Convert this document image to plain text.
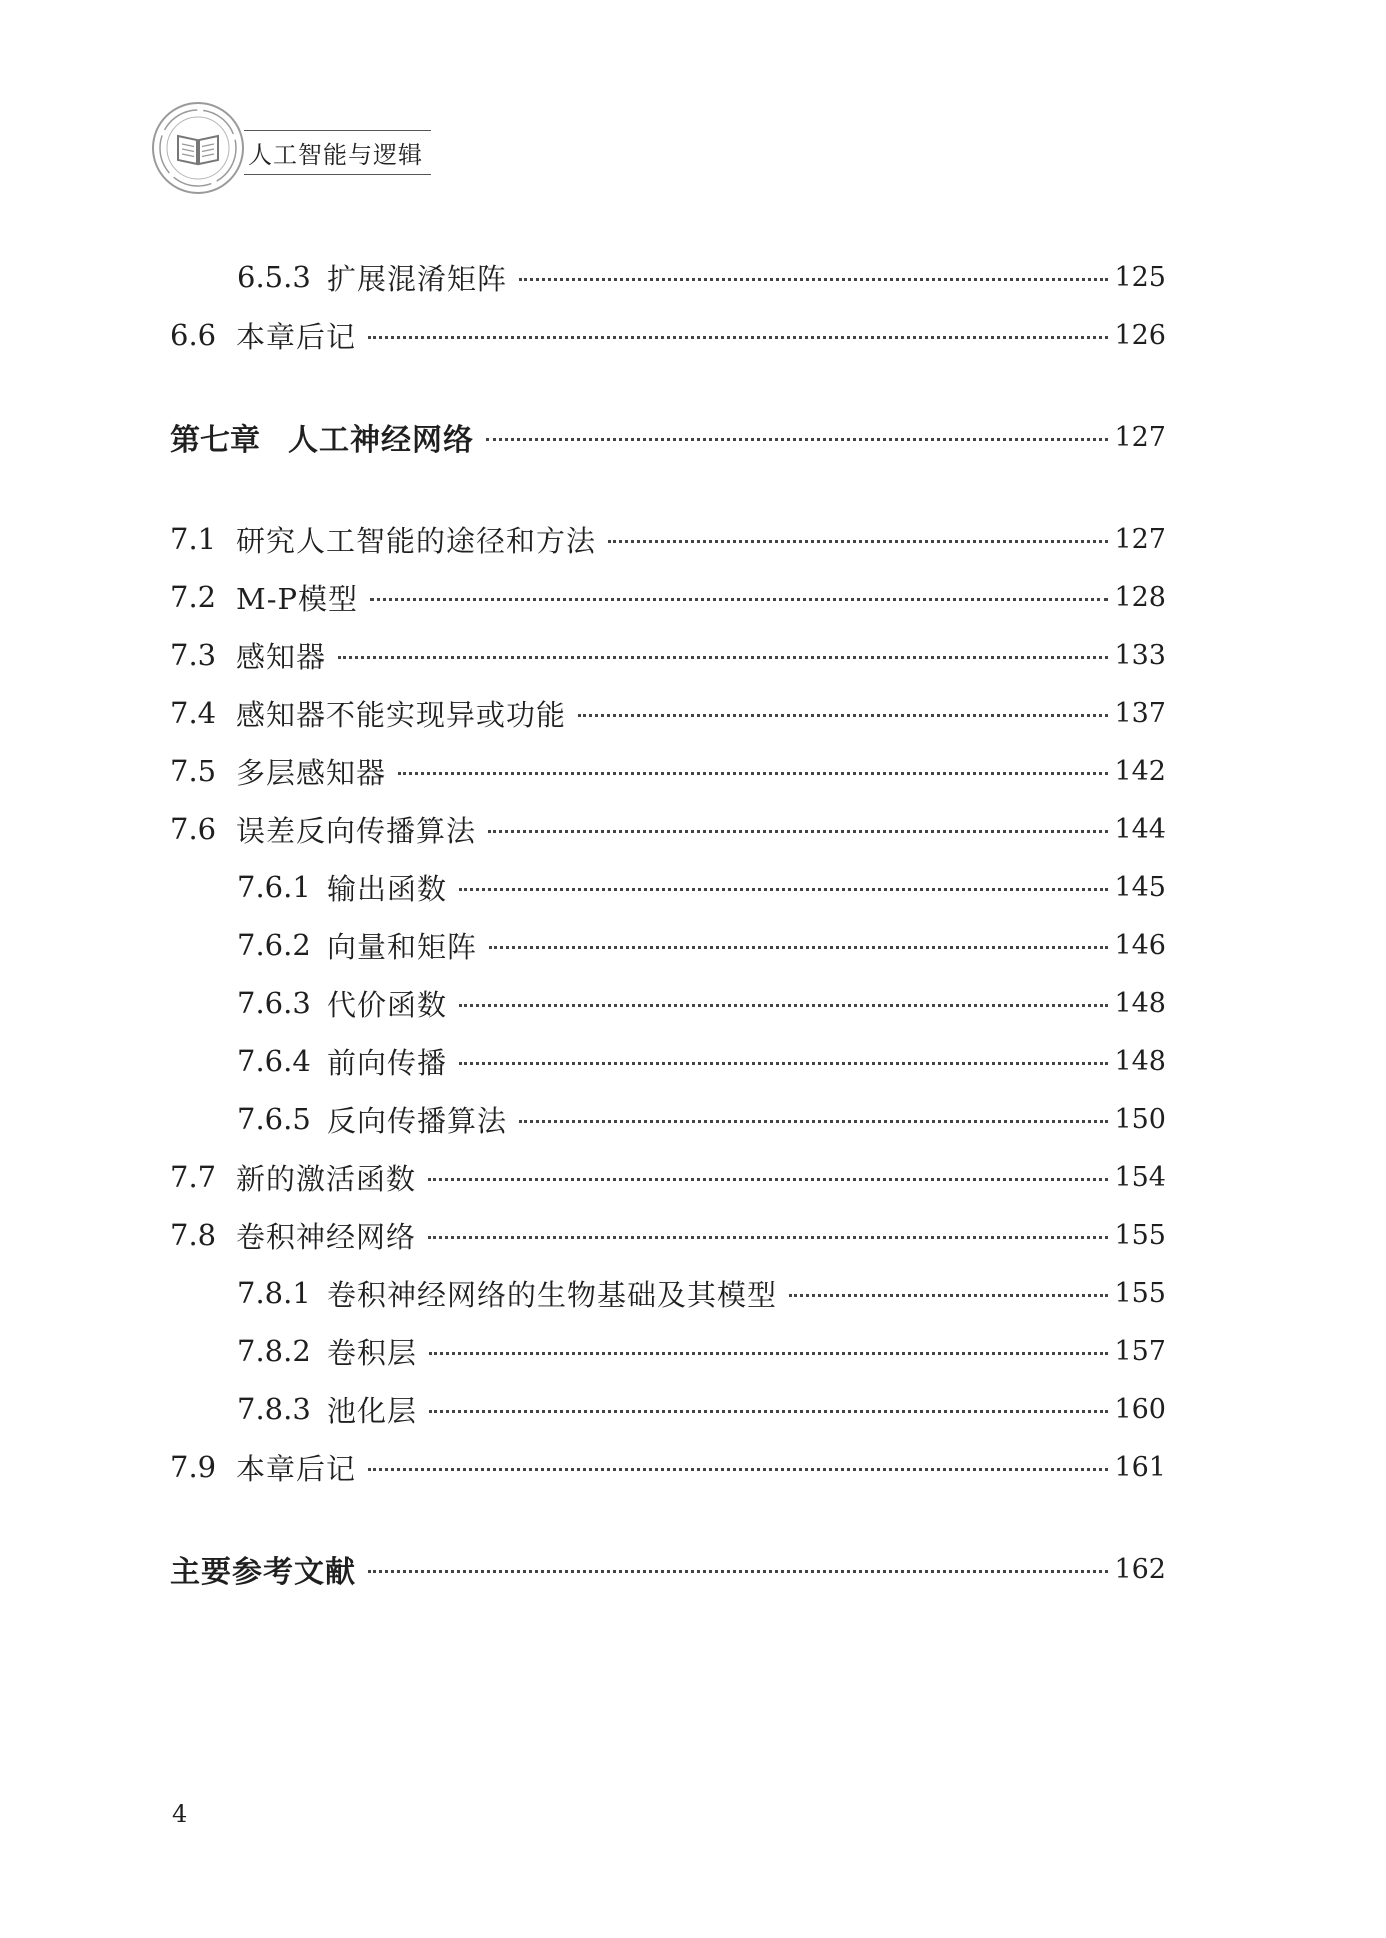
人工智能与逻辑
6.5.3 扩展混淆矩阵	125
6.6 本章后记	126
第七章 人工神经网络	127
7.1 研究人工智能的途径和方法	127
7.2 M-P模型	128
7.3 感知器	133
7.4 感知器不能实现异或功能	137
7.5 多层感知器	142
7.6 误差反向传播算法	144
7.6.1 输出函数	145
7.6.2 向量和矩阵	146
7.6.3 代价函数	148
7.6.4 前向传播	148
7.6.5 反向传播算法	150
7.7 新的激活函数	154
7.8 卷积神经网络	155
7.8.1 卷积神经网络的生物基础及其模型	155
7.8.2 卷积层	157
7.8.3 池化层	160
7.9 本章后记	161
主要参考文献	162
4
